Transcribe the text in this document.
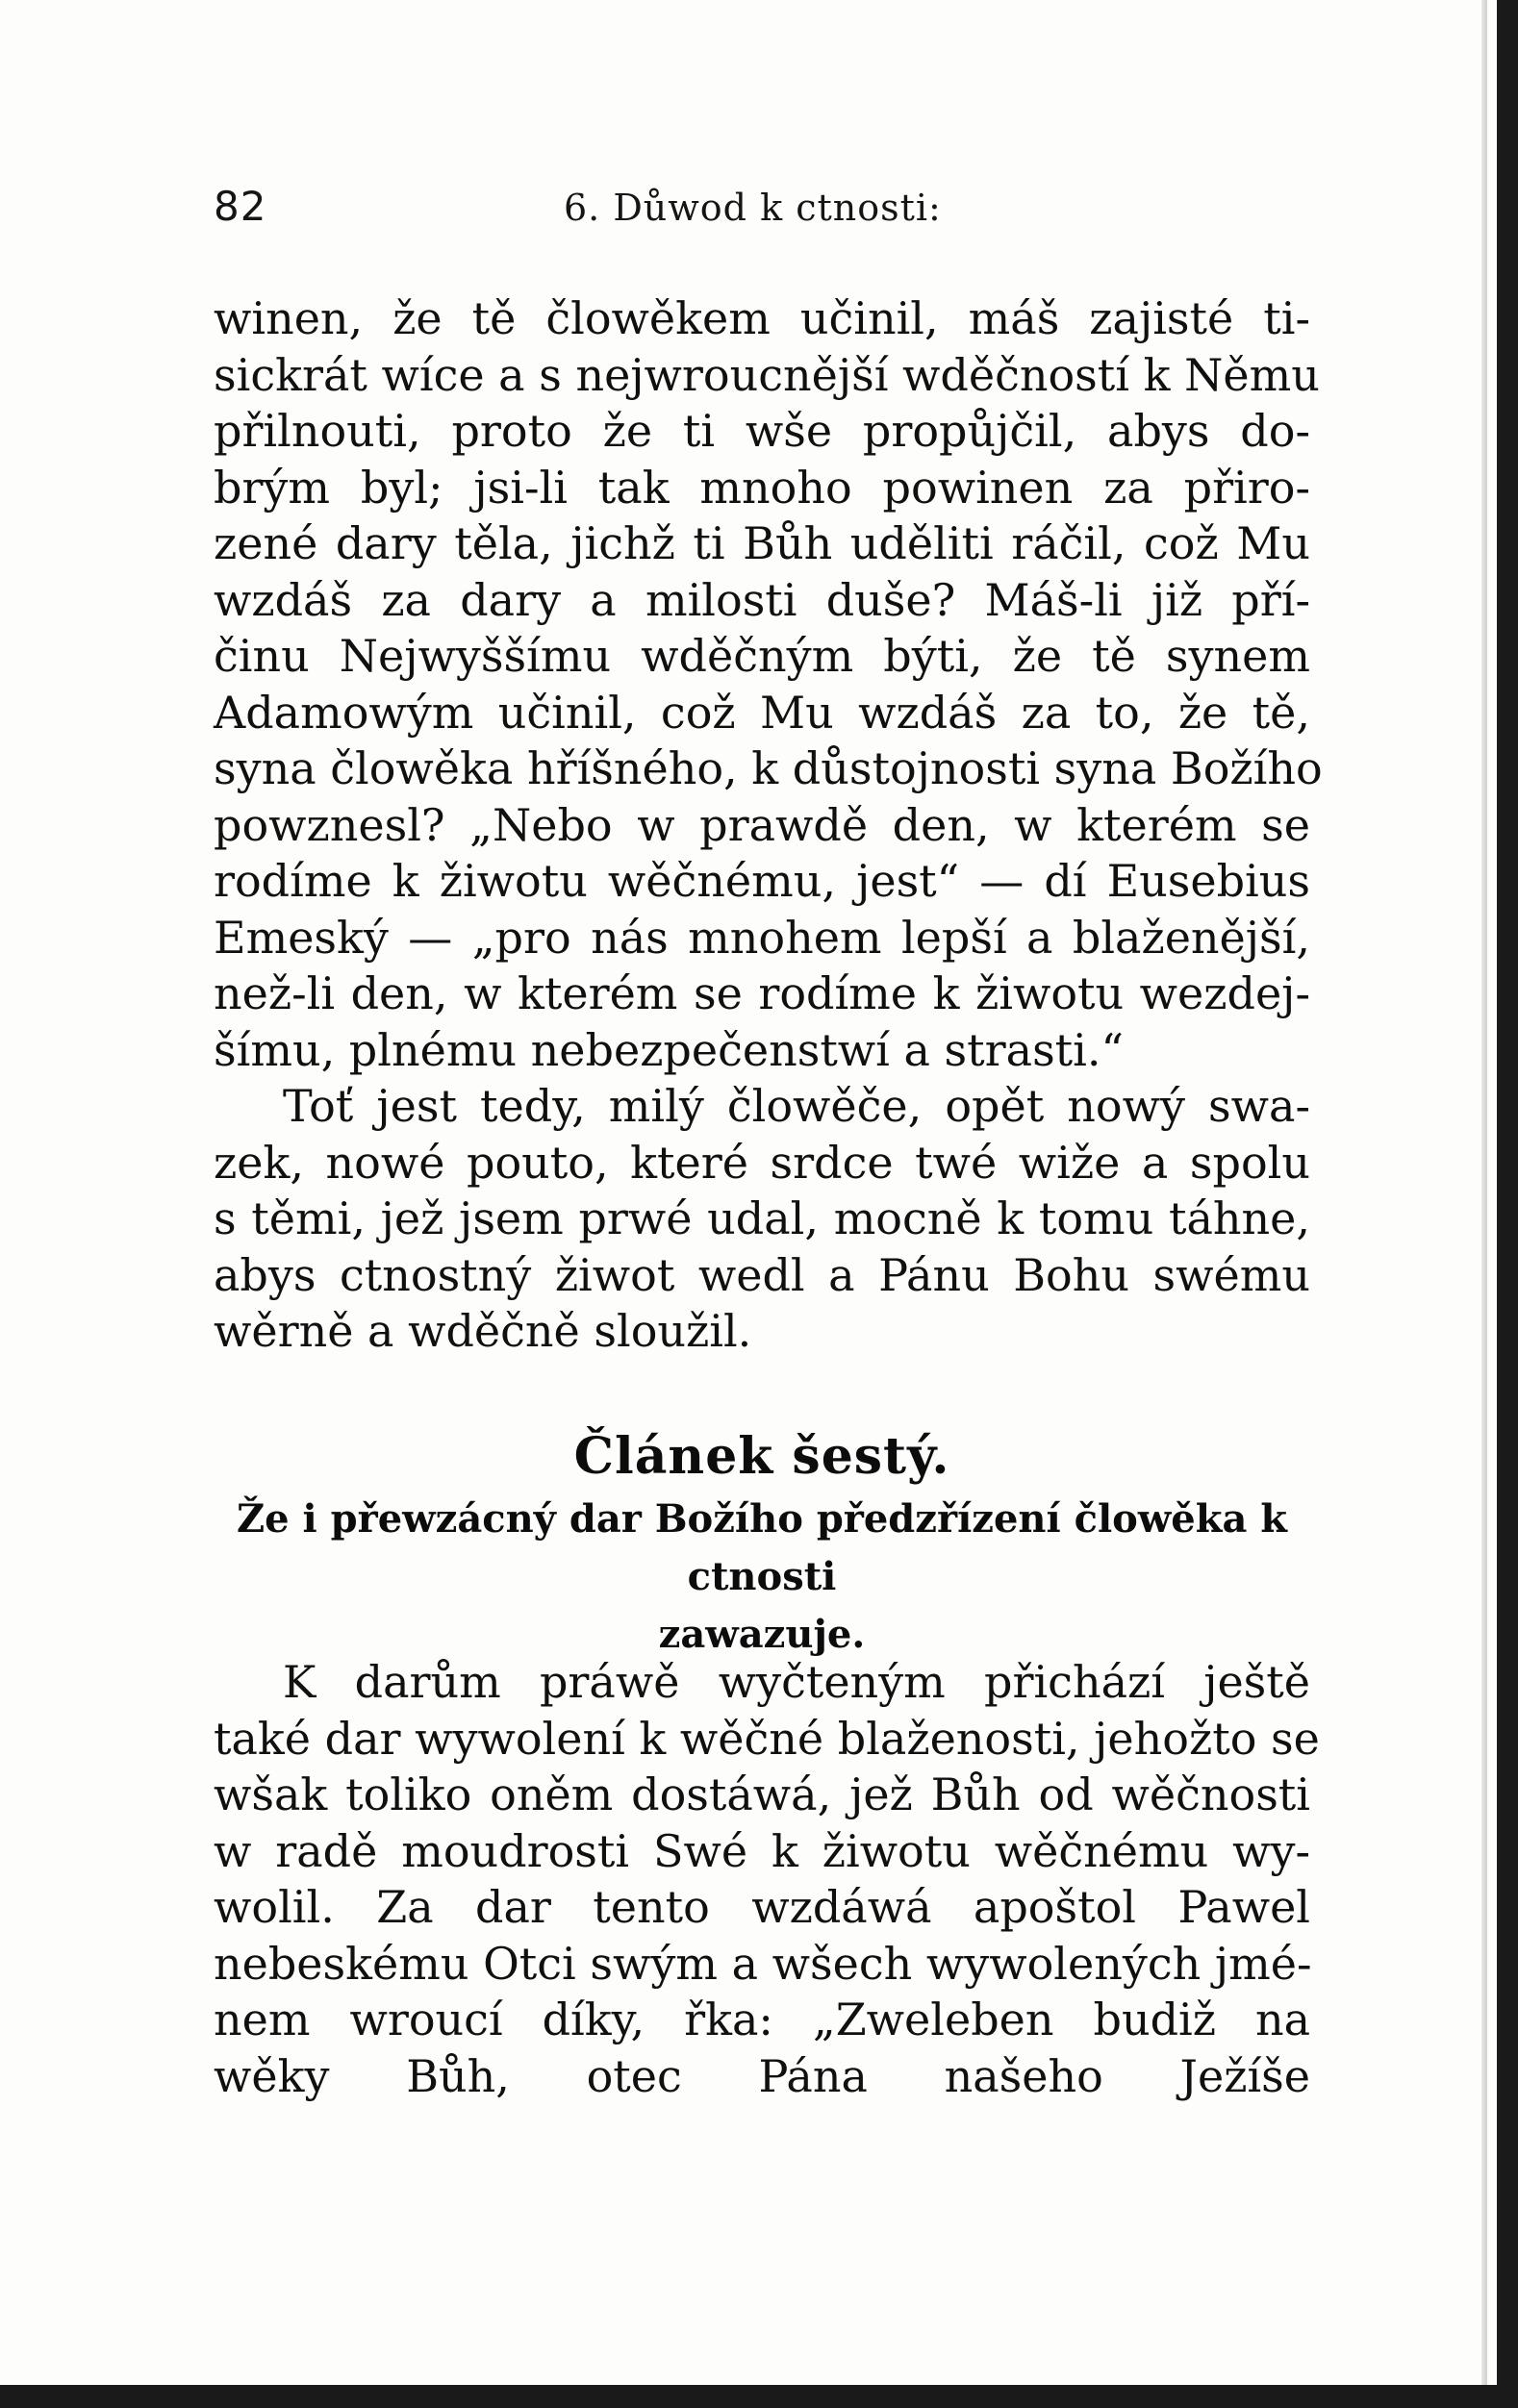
82	6. Důwod k ctnosti:
winen, že tě člowěkem učinil, máš zajisté ti-
sickrát wíce a s nejwroucnější wděčností k Němu
přilnouti, proto že ti wše propůjčil, abys do-
brým byl; jsi-li tak mnoho powinen za přiro-
zené dary těla, jichž ti Bůh uděliti ráčil, což Mu
wzdáš za dary a milosti duše? Máš-li již pří-
činu Nejwyššímu wděčným býti, že tě synem
Adamowým učinil, což Mu wzdáš za to, že tě,
syna člowěka hříšného, k důstojnosti syna Božího
powznesl? „Nebo w prawdě den, w kterém se
rodíme k žiwotu wěčnému, jest“ — dí Eusebius
Emeský — „pro nás mnohem lepší a blaženější,
než-li den, w kterém se rodíme k žiwotu wezdej-
šímu, plnému nebezpečenstwí a strasti.“
Toť jest tedy, milý člowěče, opět nowý swa-
zek, nowé pouto, které srdce twé wiže a spolu
s těmi, jež jsem prwé udal, mocně k tomu táhne,
abys ctnostný žiwot wedl a Pánu Bohu swému
wěrně a wděčně sloužil.
Článek šestý.
Že i přewzácný dar Božího předzřízení člowěka k ctnosti
zawazuje.
K darům práwě wyčteným přichází ještě
také dar wywolení k wěčné blaženosti, jehožto se
wšak toliko oněm dostáwá, jež Bůh od wěčnosti
w radě moudrosti Swé k žiwotu wěčnému wy-
wolil. Za dar tento wzdáwá apoštol Pawel
nebeskému Otci swým a wšech wywolených jmé-
nem wroucí díky, řka: „Zweleben budiž na
wěky Bůh, otec Pána našeho Ježíše
